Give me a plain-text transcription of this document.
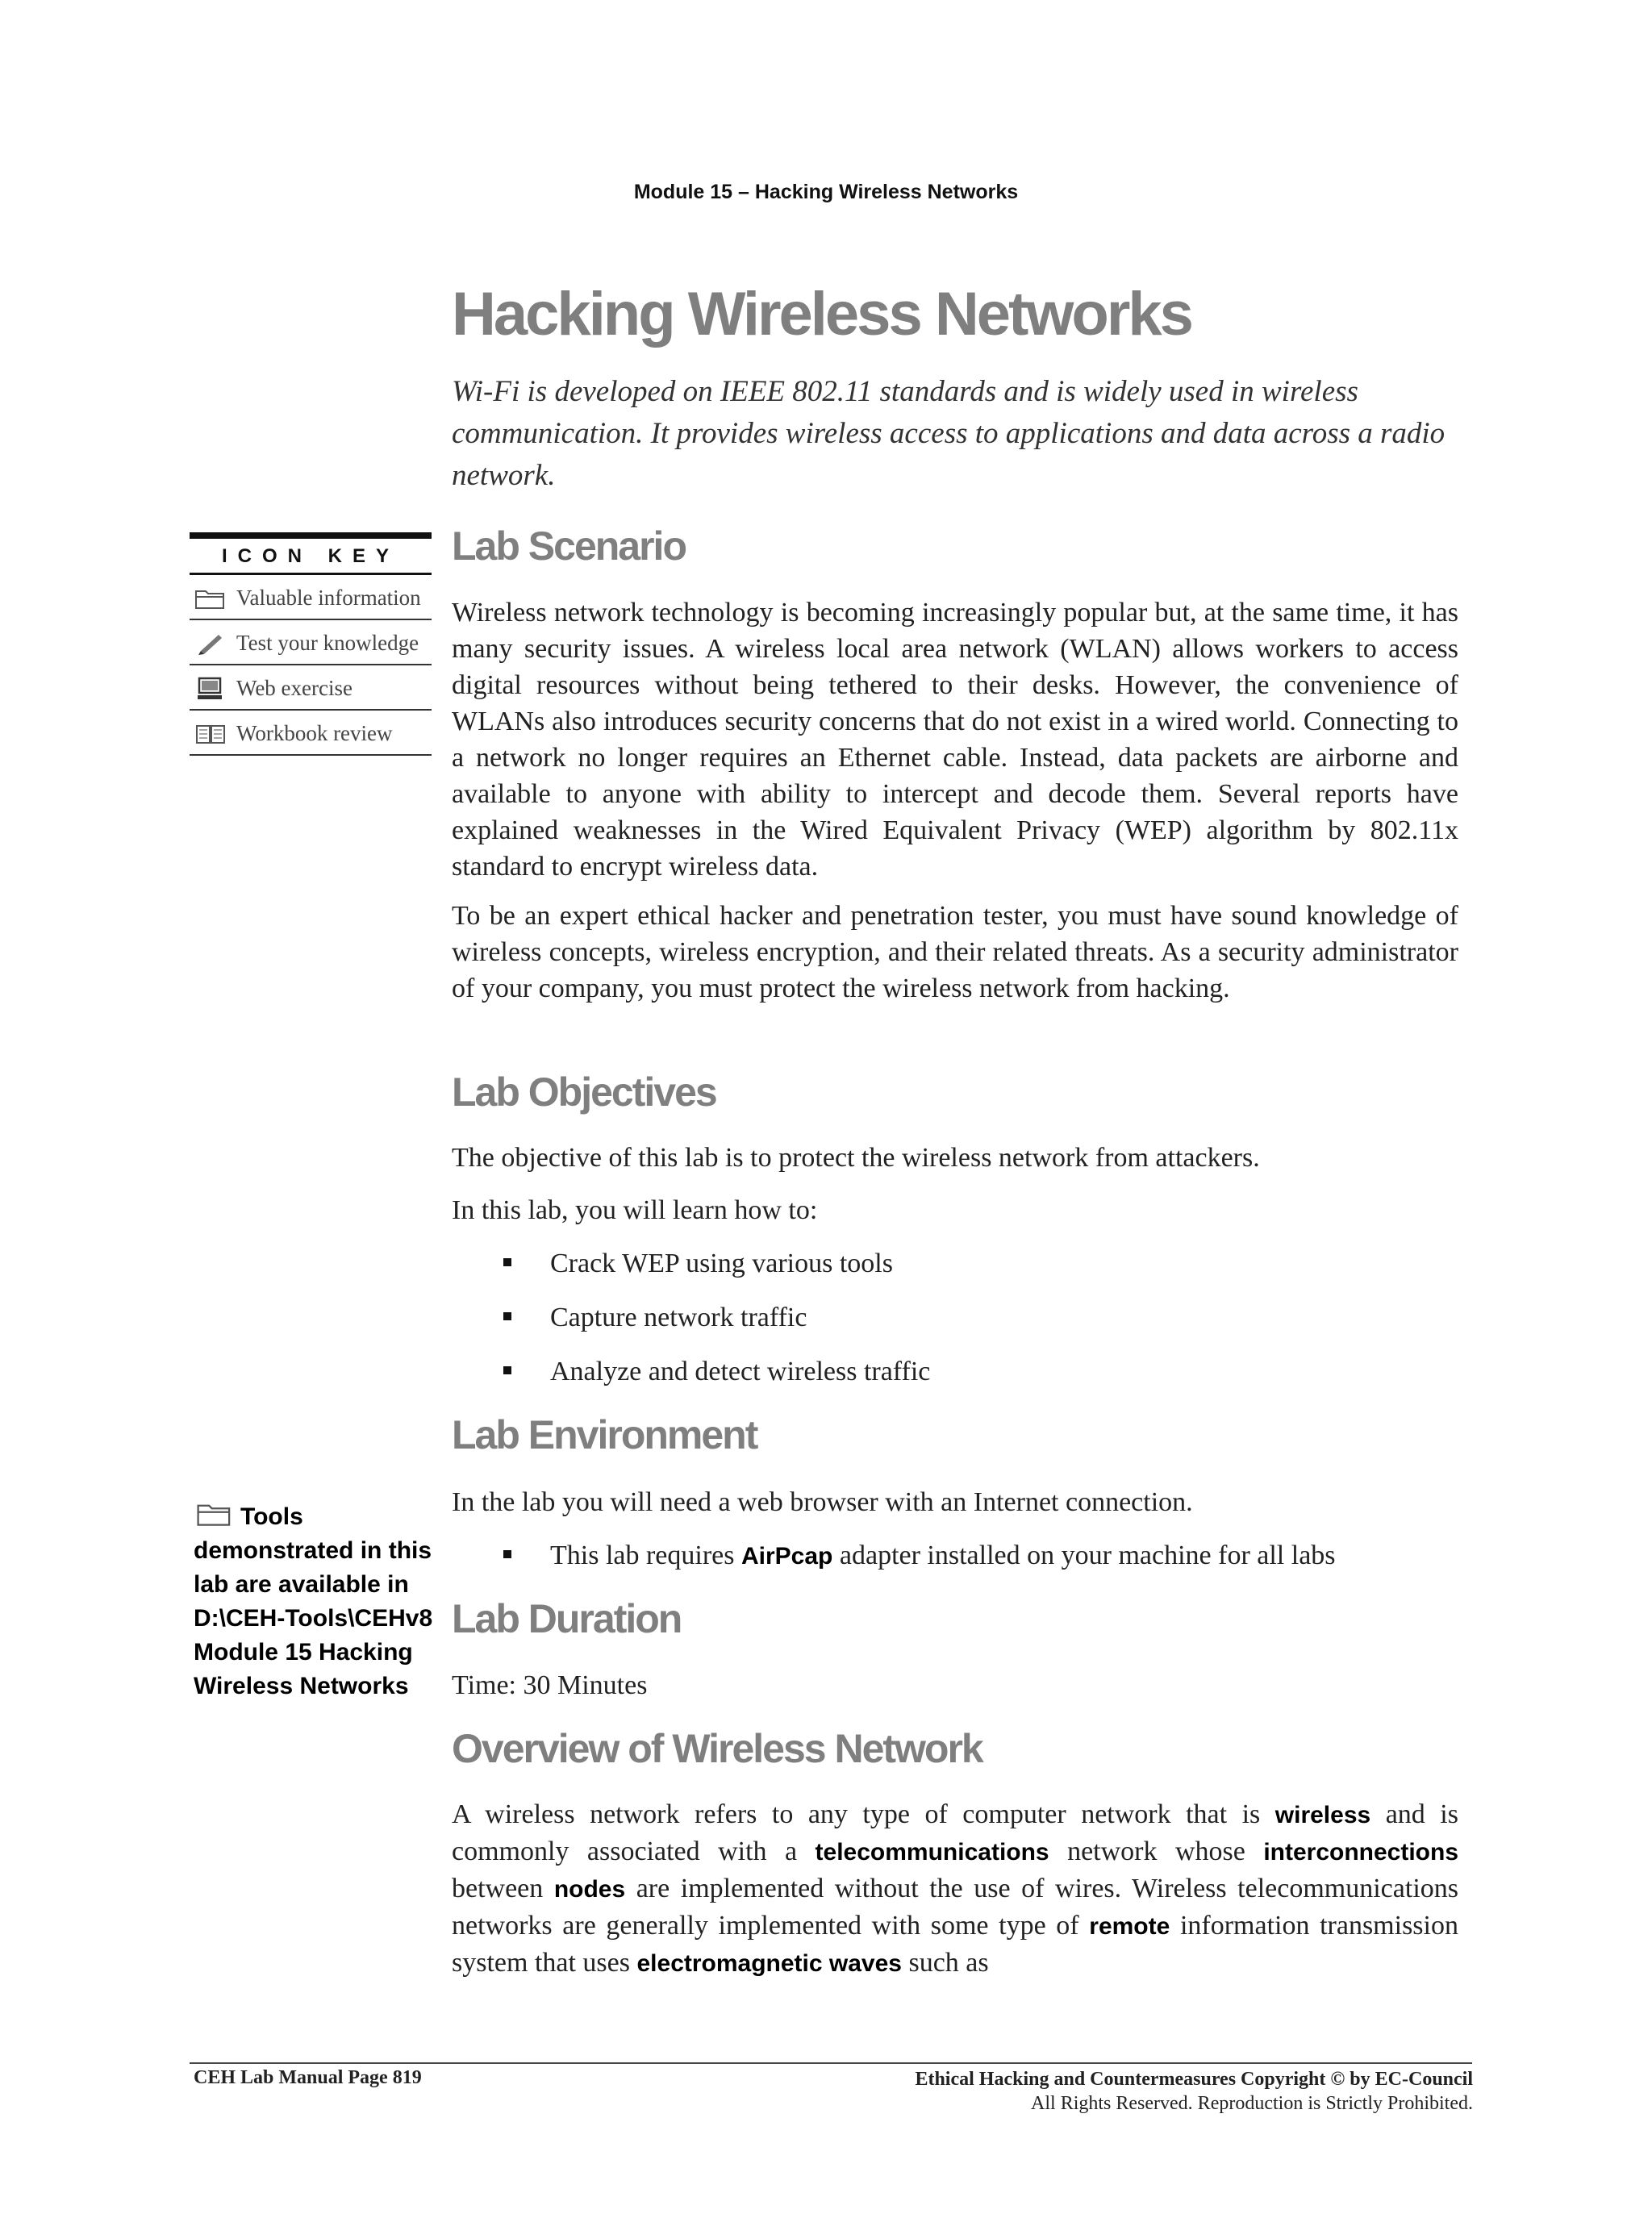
Module 15 – Hacking Wireless Networks
Hacking Wireless Networks

Wi-Fi is developed on IEEE 802.11 standards and is widely used in wireless communication. It provides wireless access to applications and data across a radio network.

ICON KEY
Valuable information
Test your knowledge
Web exercise
Workbook review
Lab Scenario

Wireless network technology is becoming increasingly popular but, at the same time, it has many security issues. A wireless local area network (WLAN) allows workers to access digital resources without being tethered to their desks. However, the convenience of WLANs also introduces security concerns that do not exist in a wired world. Connecting to a network no longer requires an Ethernet cable. Instead, data packets are airborne and available to anyone with ability to intercept and decode them. Several reports have explained weaknesses in the Wired Equivalent Privacy (WEP) algorithm by 802.11x standard to encrypt wireless data.

To be an expert ethical hacker and penetration tester, you must have sound knowledge of wireless concepts, wireless encryption, and their related threats. As a security administrator of your company, you must protect the wireless network from hacking.

Lab Objectives

The objective of this lab is to protect the wireless network from attackers.

In this lab, you will learn how to:

Crack WEP using various tools
Capture network traffic
Analyze and detect wireless traffic
Lab Environment

In the lab you will need a web browser with an Internet connection.

This lab requires AirPcap adapter installed on your machine for all labs

Tools demonstrated in this lab are available in D:\CEH-Tools\CEHv8 Module 15 Hacking Wireless Networks

Lab Duration

Time: 30 Minutes

Overview of Wireless Network

A wireless network refers to any type of computer network that is wireless and is commonly associated with a telecommunications network whose interconnections between nodes are implemented without the use of wires. Wireless telecommunications networks are generally implemented with some type of remote information transmission system that uses electromagnetic waves such as

CEH Lab Manual Page 819	Ethical Hacking and Countermeasures Copyright © by EC-Council
All Rights Reserved. Reproduction is Strictly Prohibited.
